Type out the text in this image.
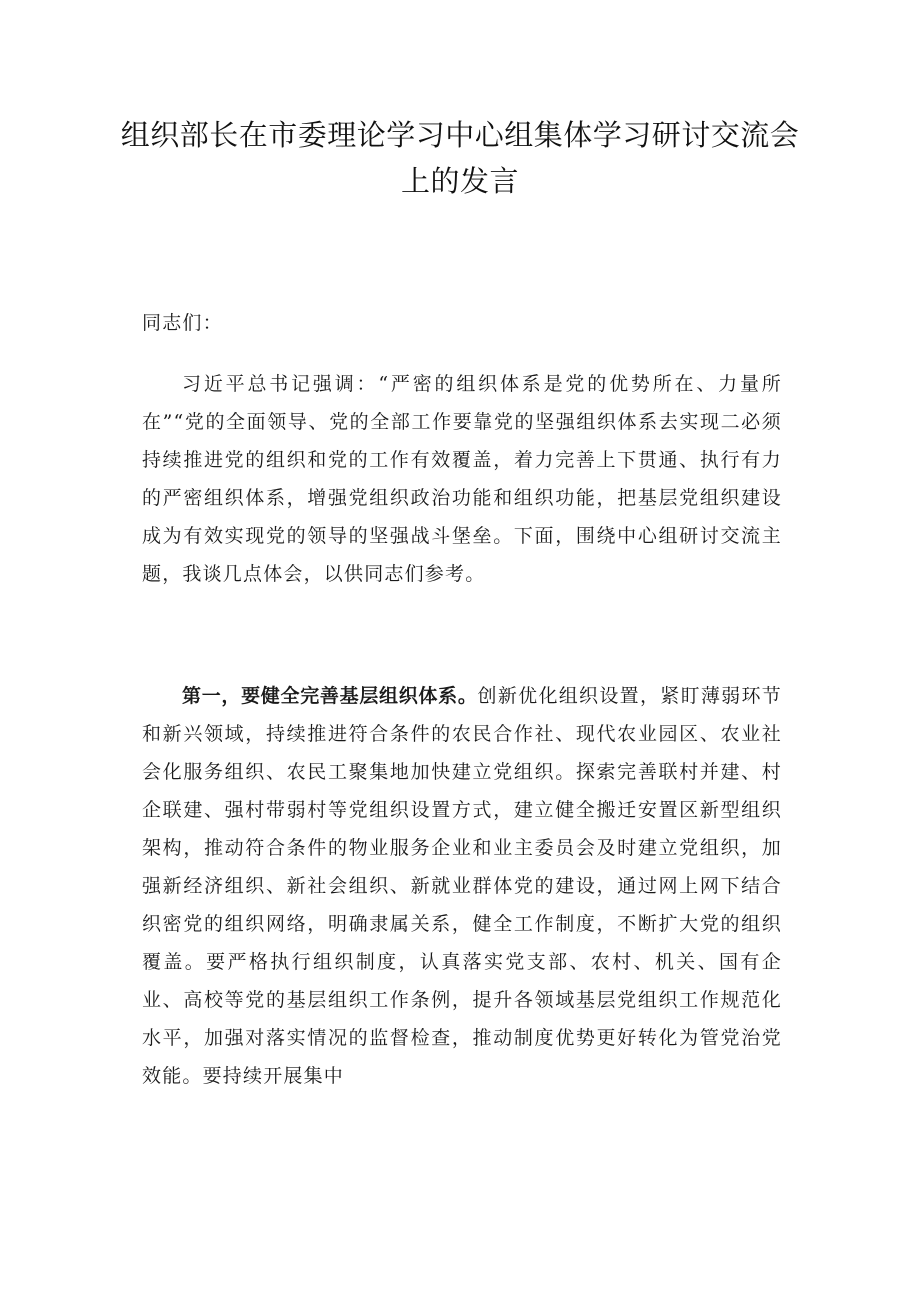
组织部长在市委理论学习中心组集体学习研讨交流会上的发言

同志们：

习近平总书记强调：“严密的组织体系是党的优势所在、力量所在”“党的全面领导、党的全部工作要靠党的坚强组织体系去实现二必须持续推进党的组织和党的工作有效覆盖，着力完善上下贯通、执行有力的严密组织体系，增强党组织政治功能和组织功能，把基层党组织建设成为有效实现党的领导的坚强战斗堡垒。下面，围绕中心组研讨交流主题，我谈几点体会，以供同志们参考。

第一，要健全完善基层组织体系。创新优化组织设置，紧盯薄弱环节和新兴领域，持续推进符合条件的农民合作社、现代农业园区、农业社会化服务组织、农民工聚集地加快建立党组织。探索完善联村并建、村企联建、强村带弱村等党组织设置方式，建立健全搬迁安置区新型组织架构，推动符合条件的物业服务企业和业主委员会及时建立党组织，加强新经济组织、新社会组织、新就业群体党的建设，通过网上网下结合织密党的组织网络，明确隶属关系，健全工作制度，不断扩大党的组织覆盖。要严格执行组织制度，认真落实党支部、农村、机关、国有企业、高校等党的基层组织工作条例，提升各领域基层党组织工作规范化水平，加强对落实情况的监督检查，推动制度优势更好转化为管党治党效能。要持续开展集中
